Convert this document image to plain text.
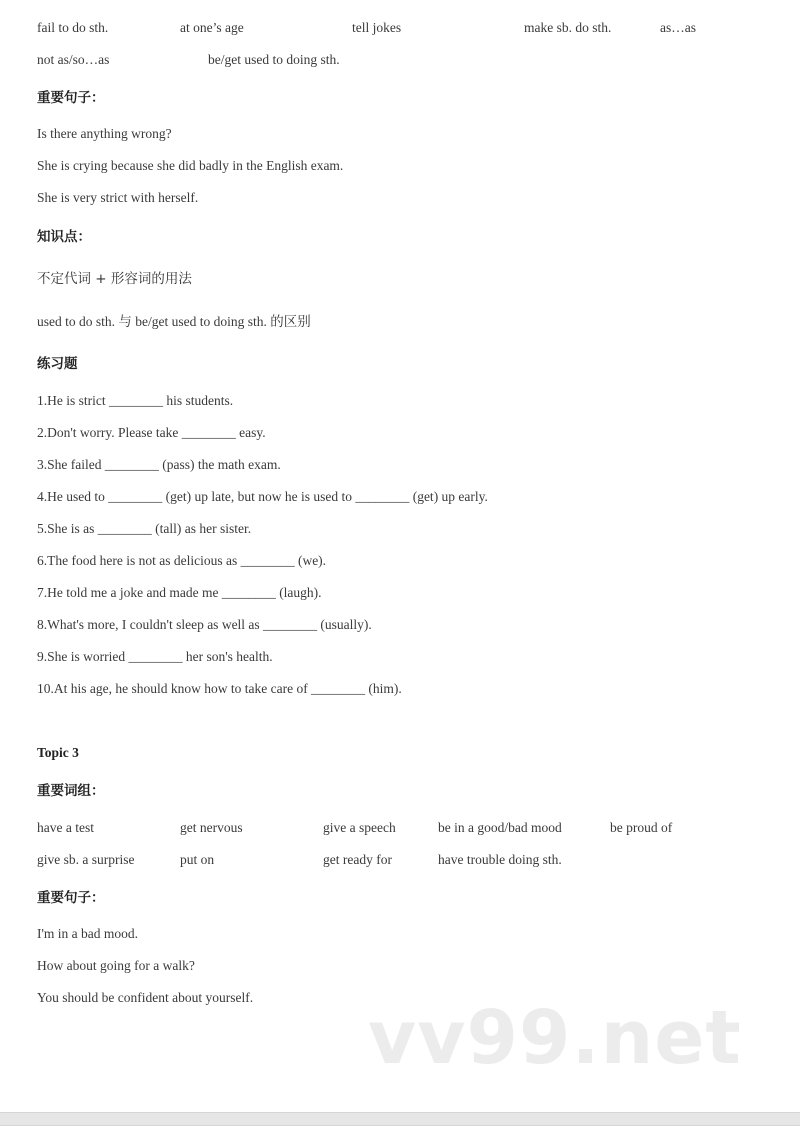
fail to do sth.	at one’s age	tell jokes	make sb. do sth.	as…as
not as/so…as	be/get used to doing sth.
重要句子：
Is there anything wrong?
She is crying because she did badly in the English exam.
She is very strict with herself.
知识点：
不定代词 + 形容词的用法
used to do sth. 与 be/get used to doing sth. 的区别
练习题
1.He is strict ________ his students.
2.Don't worry. Please take ________ easy.
3.She failed ________ (pass) the math exam.
4.He used to ________ (get) up late, but now he is used to ________ (get) up early.
5.She is as ________ (tall) as her sister.
6.The food here is not as delicious as ________ (we).
7.He told me a joke and made me ________ (laugh).
8.What's more, I couldn't sleep as well as ________ (usually).
9.She is worried ________ her son's health.
10.At his age, he should know how to take care of ________ (him).
Topic 3
重要词组：
have a test	get nervous	give a speech	be in a good/bad mood	be proud of
give sb. a surprise	put on	get ready for	have trouble doing sth.
重要句子：
I'm in a bad mood.
How about going for a walk?
You should be confident about yourself. vv99.net
